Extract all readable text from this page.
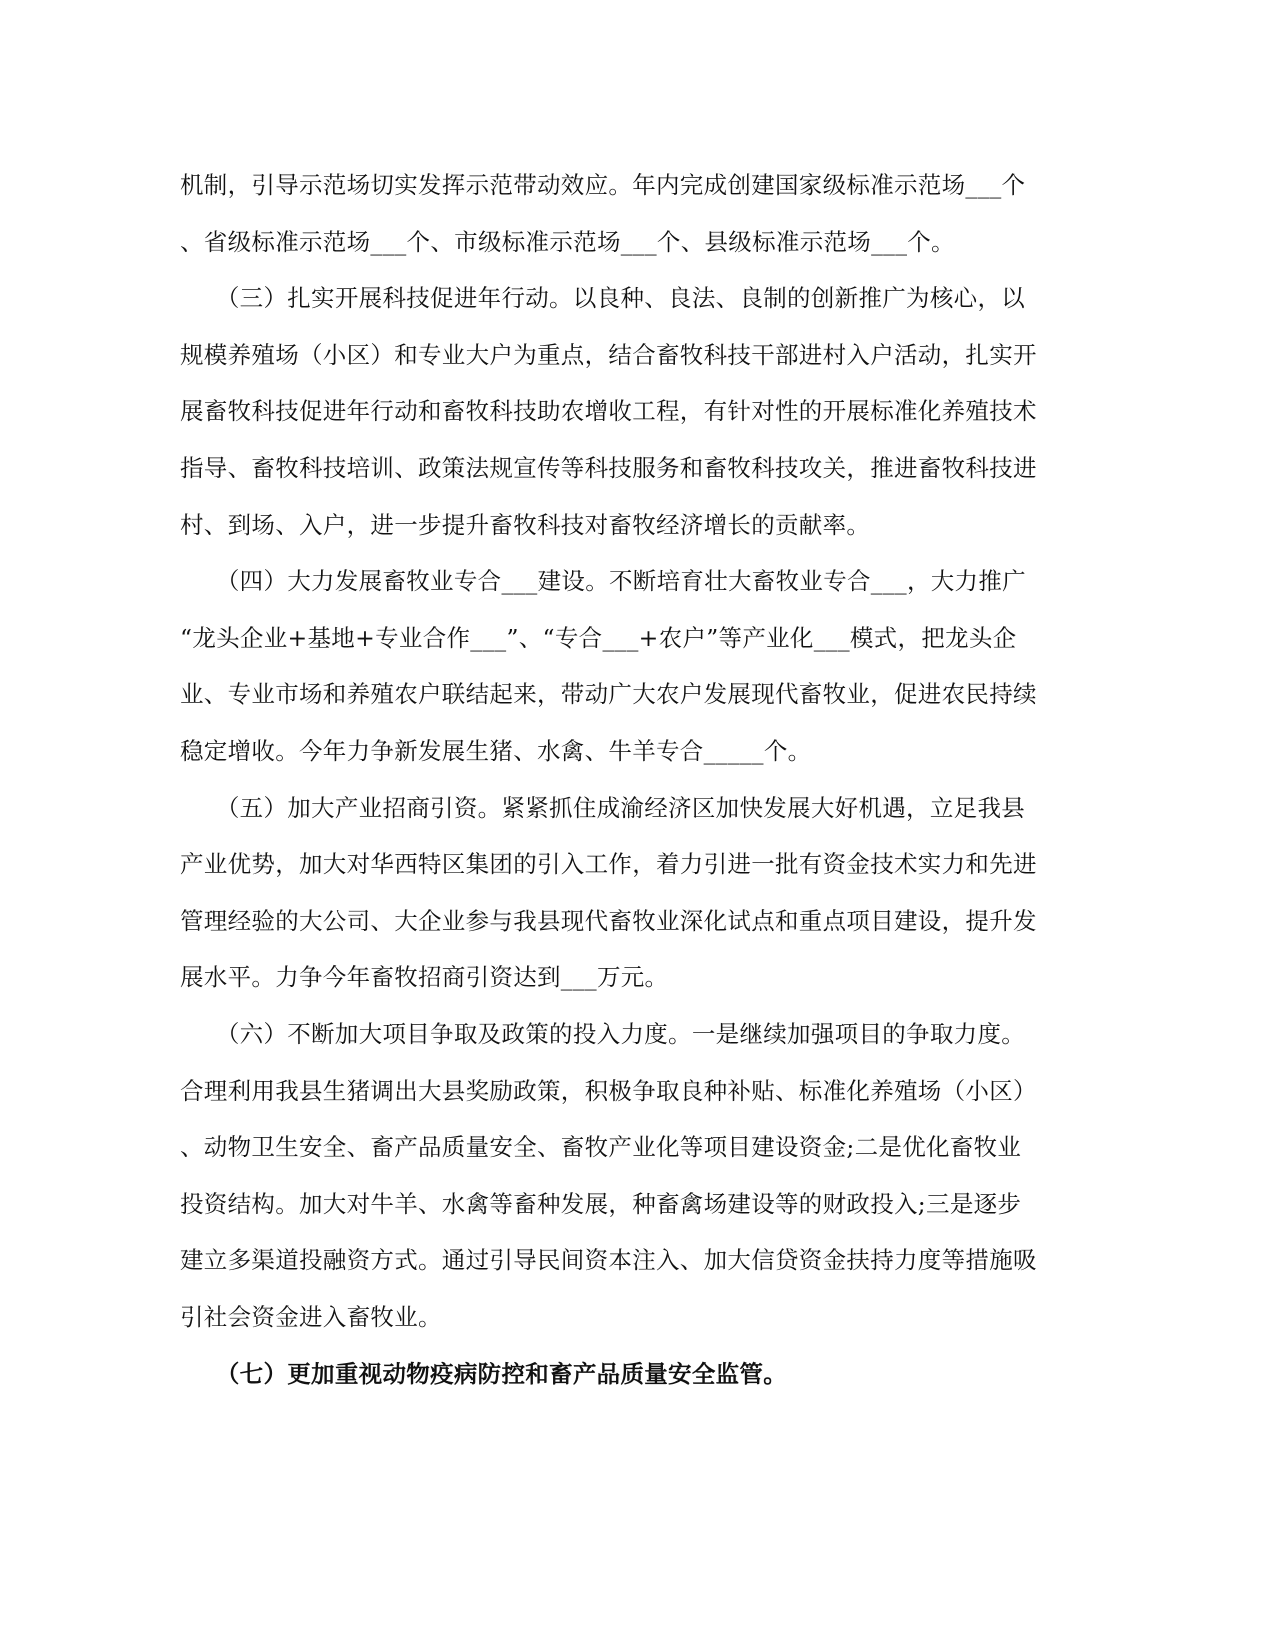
机制，引导示范场切实发挥示范带动效应。年内完成创建国家级标准示范场___个
、省级标准示范场___个、市级标准示范场___个、县级标准示范场___个。
　　（三）扎实开展科技促进年行动。以良种、良法、良制的创新推广为核心，以
规模养殖场（小区）和专业大户为重点，结合畜牧科技干部进村入户活动，扎实开
展畜牧科技促进年行动和畜牧科技助农增收工程，有针对性的开展标准化养殖技术
指导、畜牧科技培训、政策法规宣传等科技服务和畜牧科技攻关，推进畜牧科技进
村、到场、入户，进一步提升畜牧科技对畜牧经济增长的贡献率。
　　（四）大力发展畜牧业专合___建设。不断培育壮大畜牧业专合___，大力推广
“龙头企业+基地+专业合作___”、“专合___+农户”等产业化___模式，把龙头企
业、专业市场和养殖农户联结起来，带动广大农户发展现代畜牧业，促进农民持续
稳定增收。今年力争新发展生猪、水禽、牛羊专合_____个。
　　（五）加大产业招商引资。紧紧抓住成渝经济区加快发展大好机遇，立足我县
产业优势，加大对华西特区集团的引入工作，着力引进一批有资金技术实力和先进
管理经验的大公司、大企业参与我县现代畜牧业深化试点和重点项目建设，提升发
展水平。力争今年畜牧招商引资达到___万元。
　　（六）不断加大项目争取及政策的投入力度。一是继续加强项目的争取力度。
合理利用我县生猪调出大县奖励政策，积极争取良种补贴、标准化养殖场（小区）
、动物卫生安全、畜产品质量安全、畜牧产业化等项目建设资金;二是优化畜牧业
投资结构。加大对牛羊、水禽等畜种发展，种畜禽场建设等的财政投入;三是逐步
建立多渠道投融资方式。通过引导民间资本注入、加大信贷资金扶持力度等措施吸
引社会资金进入畜牧业。
　　（七）更加重视动物疫病防控和畜产品质量安全监管。
